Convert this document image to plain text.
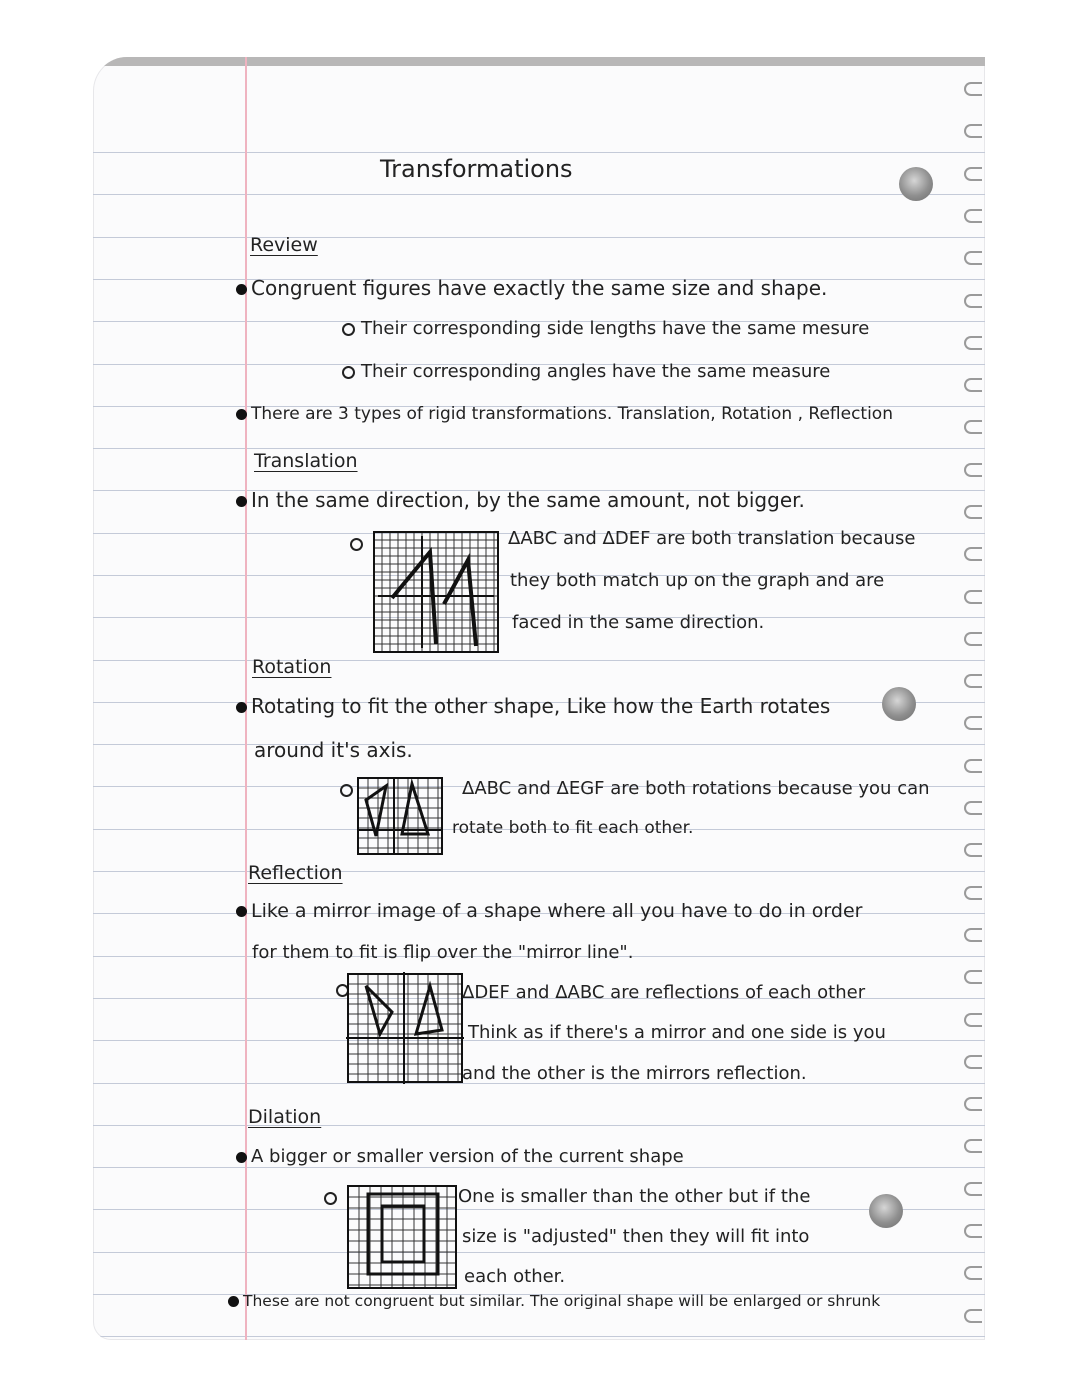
Transformations
Review
Congruent figures have exactly the same size and shape.
Their corresponding side lengths have the same mesure
Their corresponding angles have the same measure
There are 3 types of rigid transformations. Translation, Rotation , Reflection
Translation
In the same direction, by the same amount, not bigger.
ΔABC and ΔDEF are both translation because
they both match up on the graph and are
faced in the same direction.
Rotation
Rotating to fit the other shape, Like how the Earth rotates
around it's axis.
ΔABC and ΔEGF are both rotations because you can
rotate both to fit each other.
Reflection
Like a mirror image of a shape where all you have to do in order
for them to fit is flip over the "mirror line".
ΔDEF and ΔABC are reflections of each other
Think as if there's a mirror and one side is you
and the other is the mirrors reflection.
Dilation
A bigger or smaller version of the current shape
One is smaller than the other but if the
size is "adjusted" then they will fit into
each other.
These are not congruent but similar. The original shape will be enlarged or shrunk
